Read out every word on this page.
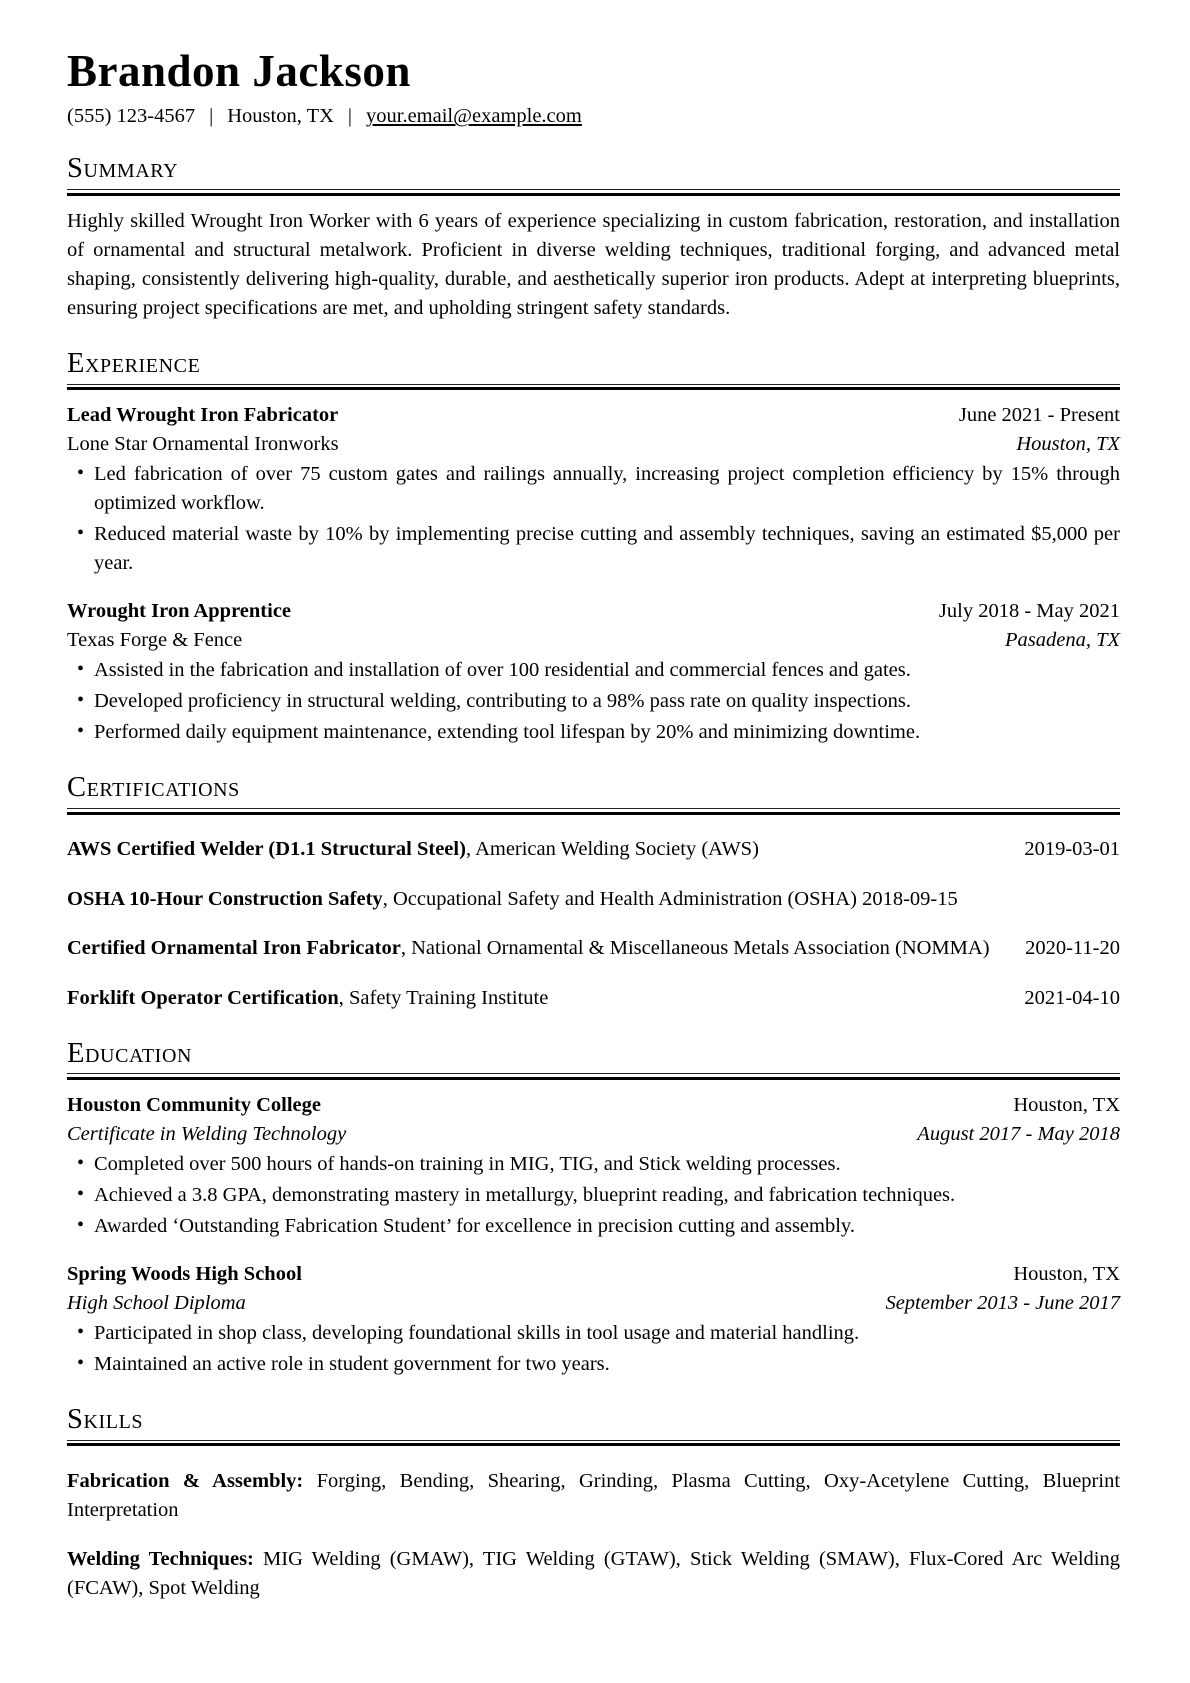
Brandon Jackson
(555) 123-4567 | Houston, TX | your.email@example.com
Summary

Highly skilled Wrought Iron Worker with 6 years of experience specializing in custom fabrication, restoration, and installation of ornamental and structural metalwork. Proficient in diverse welding techniques, traditional forging, and advanced metal shaping, consistently delivering high-quality, durable, and aesthetically superior iron products. Adept at interpreting blueprints, ensuring project specifications are met, and upholding stringent safety standards.

Experience
Lead Wrought Iron Fabricator	June 2021 - Present
Lone Star Ornamental Ironworks	Houston, TX
• Led fabrication of over 75 custom gates and railings annually, increasing project completion efficiency by 15% through optimized workflow.
• Reduced material waste by 10% by implementing precise cutting and assembly techniques, saving an estimated $5,000 per year.
Wrought Iron Apprentice	July 2018 - May 2021
Texas Forge & Fence	Pasadena, TX
• Assisted in the fabrication and installation of over 100 residential and commercial fences and gates.
• Developed proficiency in structural welding, contributing to a 98% pass rate on quality inspections.
• Performed daily equipment maintenance, extending tool lifespan by 20% and minimizing downtime.
Certifications

AWS Certified Welder (D1.1 Structural Steel), American Welding Society (AWS)	2019-03-01

OSHA 10-Hour Construction Safety, Occupational Safety and Health Administration (OSHA) 2018-09-15

Certified Ornamental Iron Fabricator, National Ornamental & Miscellaneous Metals Association (NOMMA) 2020-11-20

Forklift Operator Certification, Safety Training Institute	2021-04-10

Education
Houston Community College	Houston, TX
Certificate in Welding Technology	August 2017 - May 2018
• Completed over 500 hours of hands-on training in MIG, TIG, and Stick welding processes.
• Achieved a 3.8 GPA, demonstrating mastery in metallurgy, blueprint reading, and fabrication techniques.
• Awarded ‘Outstanding Fabrication Student’ for excellence in precision cutting and assembly.
Spring Woods High School	Houston, TX
High School Diploma	September 2013 - June 2017
• Participated in shop class, developing foundational skills in tool usage and material handling.
• Maintained an active role in student government for two years.
Skills

Fabrication & Assembly: Forging, Bending, Shearing, Grinding, Plasma Cutting, Oxy-Acetylene Cutting, Blueprint Interpretation

Welding Techniques: MIG Welding (GMAW), TIG Welding (GTAW), Stick Welding (SMAW), Flux-Cored Arc Welding (FCAW), Spot Welding
